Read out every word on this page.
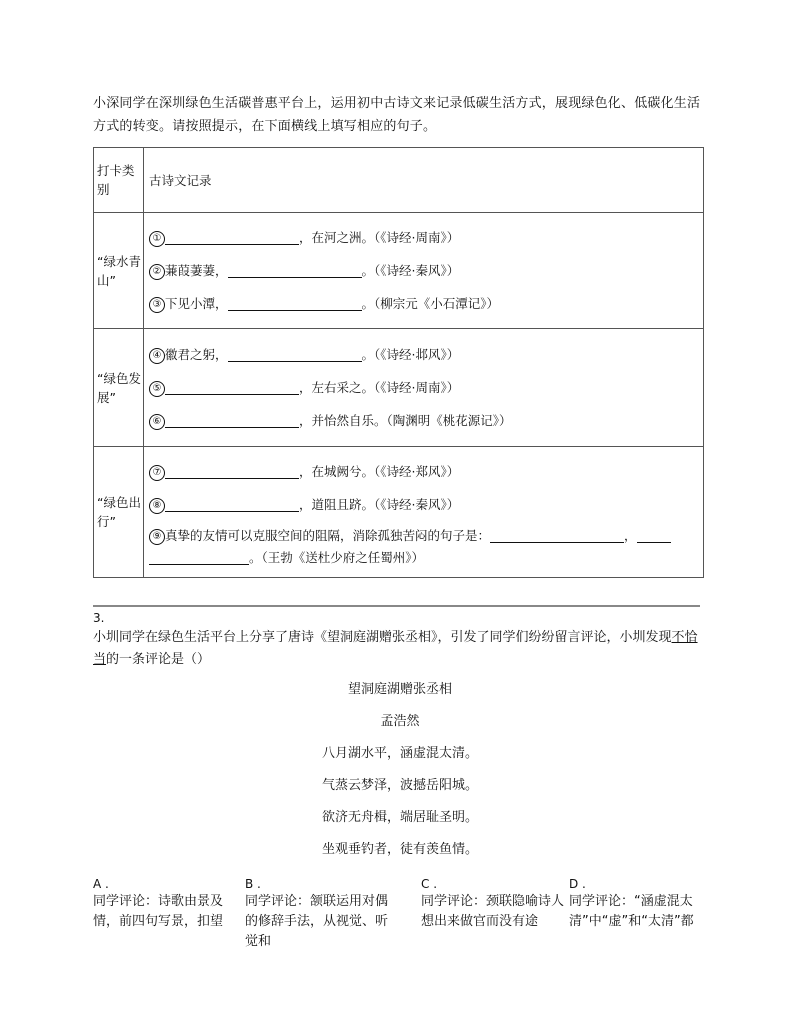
小深同学在深圳绿色生活碳普惠平台上，运用初中古诗文来记录低碳生活方式，展现绿色化、低碳化生活方式的转变。请按照提示，在下面横线上填写相应的句子。
打卡类别	古诗文记录
“绿水青山”	① ，在河之洲。（《诗经·周南》）
② 蒹葭萋萋， 。（《诗经·秦风》）
③ 下见小潭， 。（柳宗元《小石潭记》）

“绿色发展”	④ 徽君之躬， 。（《诗经·邶风》）
⑤ ，左右采之。（《诗经·周南》）
⑥ ，并怡然自乐。（陶渊明《桃花源记》）

“绿色出行”	⑦ ，在城阙兮。（《诗经·郑风》）
⑧ ，道阻且跻。（《诗经·秦风》）
⑨ 真挚的友情可以克服空间的阻隔，消除孤独苦闷的句子是： ，。（王勃《送杜少府之任蜀州》）
3.
小圳同学在绿色生活平台上分享了唐诗《望洞庭湖赠张丞相》，引发了同学们纷纷留言评论，小圳发现不恰当的一条评论是（）
望洞庭湖赠张丞相
孟浩然
八月湖水平，涵虚混太清。
气蒸云梦泽，波撼岳阳城。
欲济无舟楫，端居耻圣明。
坐观垂钓者，徒有羡鱼情。
A .
同学评论：诗歌由景及情，前四句写景，扣望
B .
同学评论：颔联运用对偶的修辞手法，从视觉、听觉和
C .
同学评论：颈联隐喻诗人想出来做官而没有途
D .
同学评论：“涵虚混太清”中“虚”和“太清”都
